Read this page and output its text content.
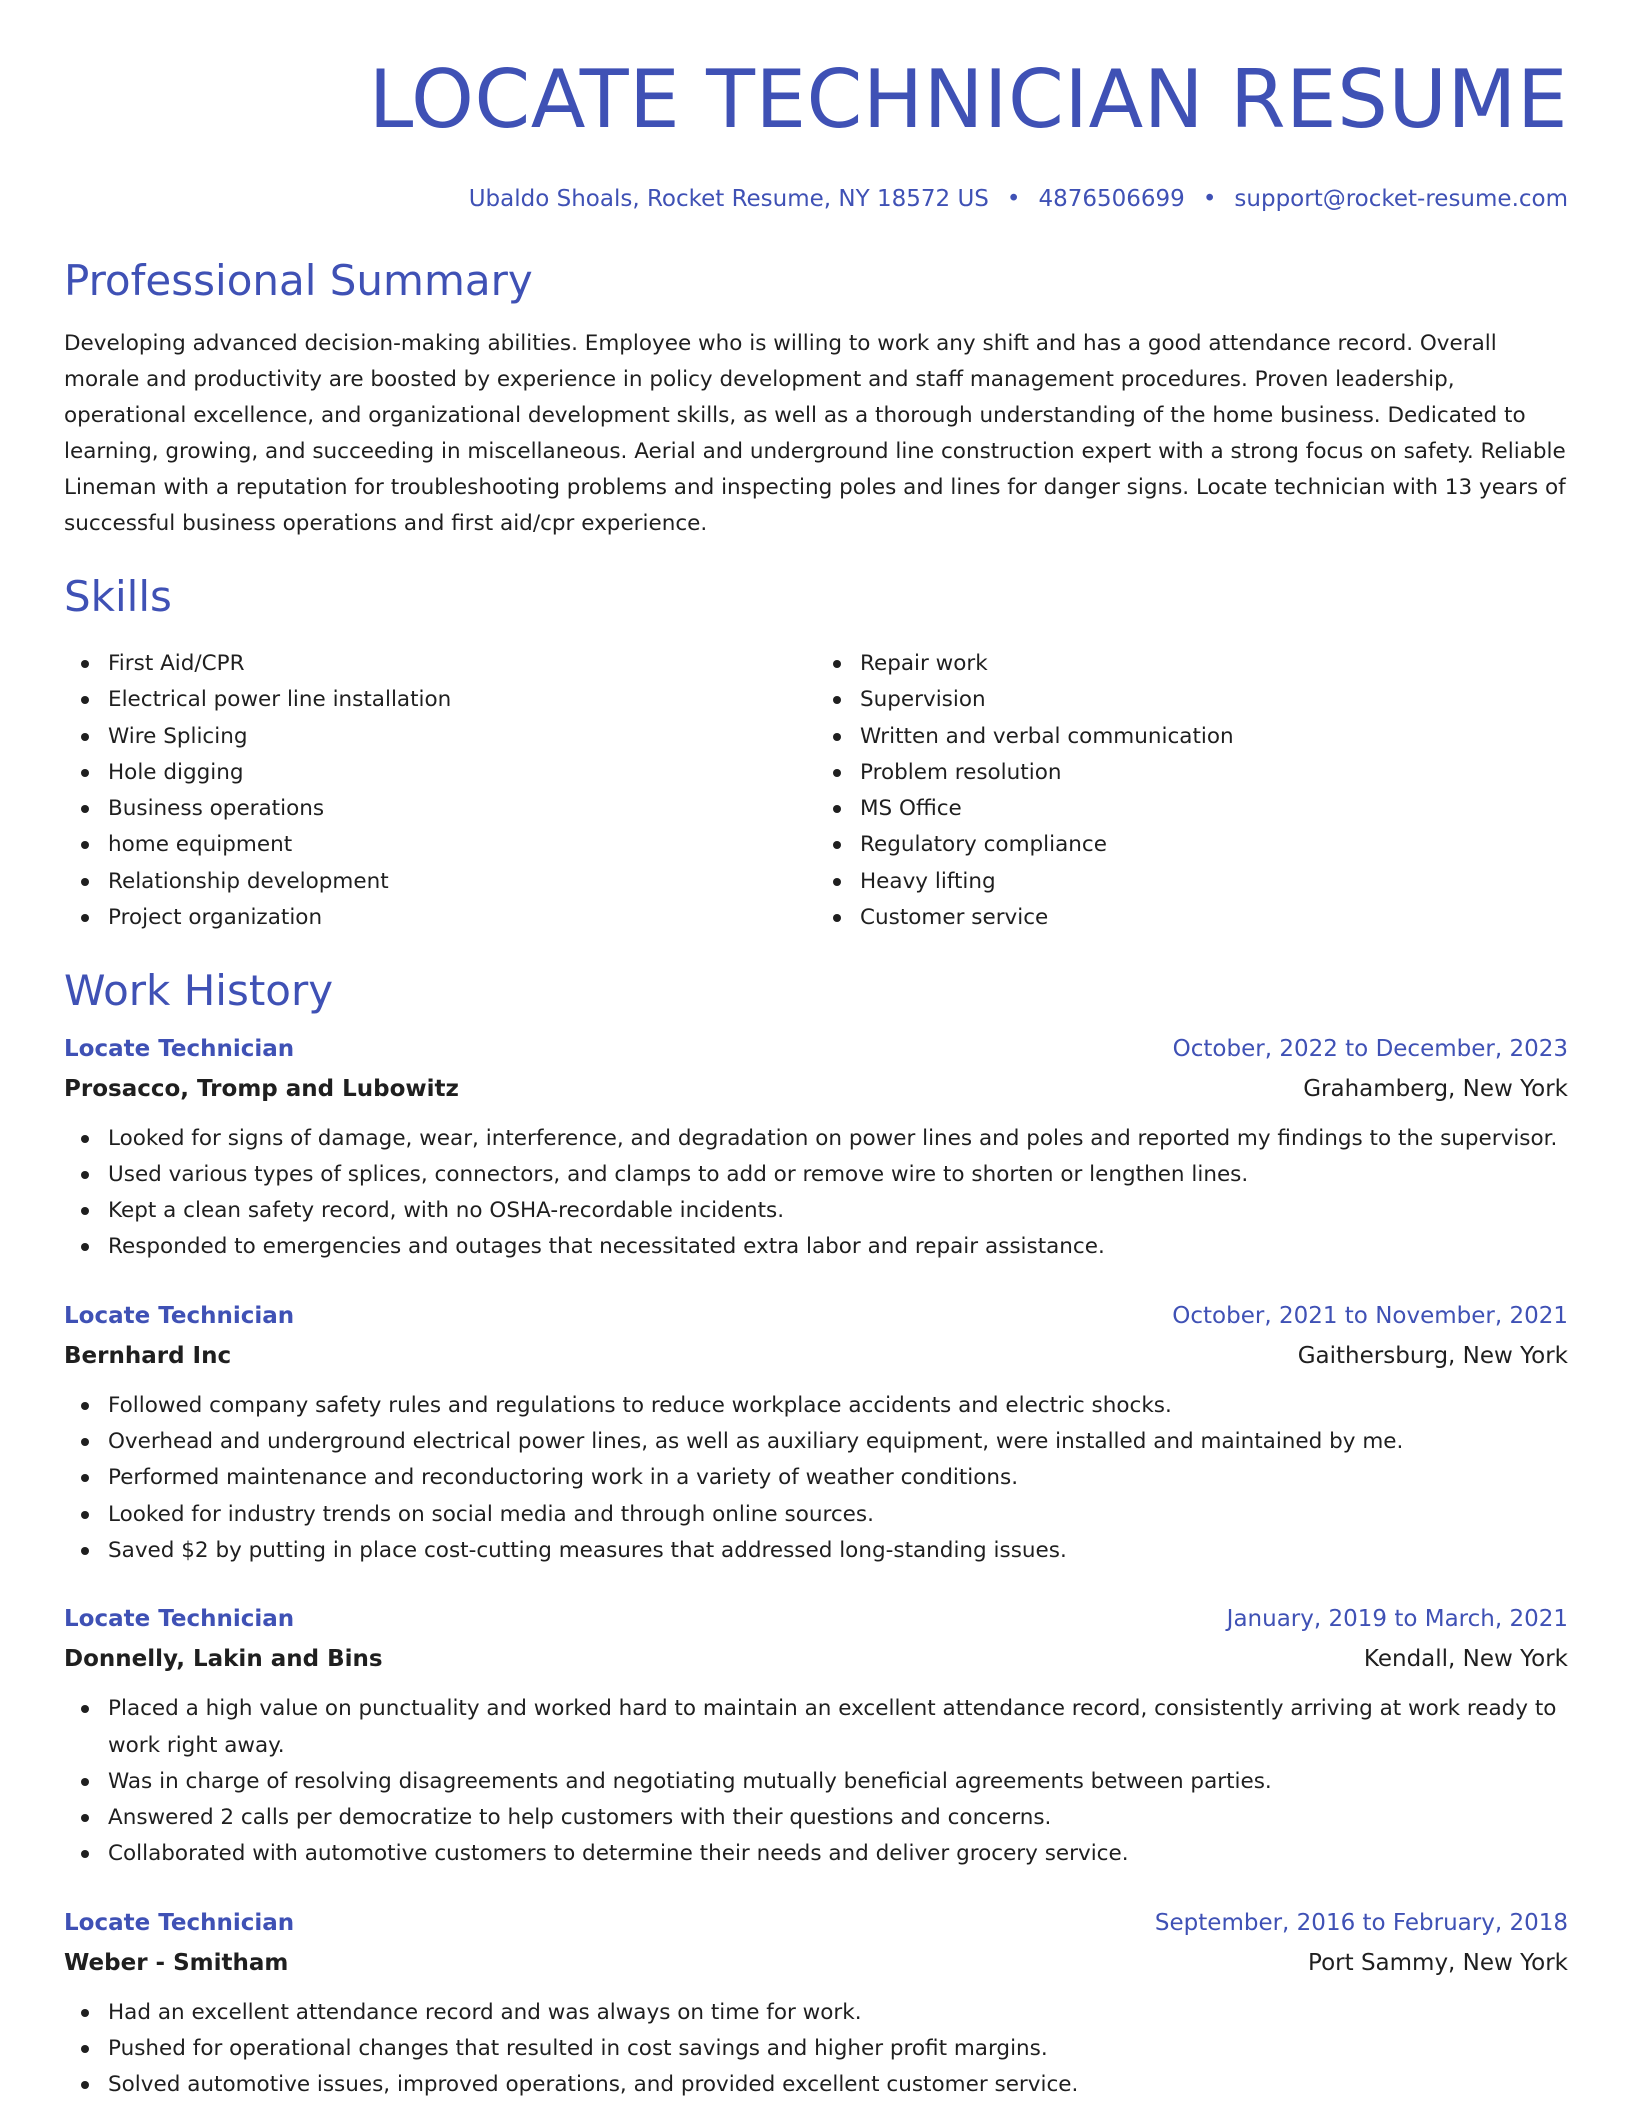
LOCATE TECHNICIAN RESUME
Ubaldo Shoals, Rocket Resume, NY 18572 US • 4876506699 • support@rocket-resume.com
Professional Summary
Developing advanced decision-making abilities. Employee who is willing to work any shift and has a good attendance record. Overall morale and productivity are boosted by experience in policy development and staff management procedures. Proven leadership, operational excellence, and organizational development skills, as well as a thorough understanding of the home business. Dedicated to learning, growing, and succeeding in miscellaneous. Aerial and underground line construction expert with a strong focus on safety. Reliable Lineman with a reputation for troubleshooting problems and inspecting poles and lines for danger signs. Locate technician with 13 years of successful business operations and first aid/cpr experience.
Skills
First Aid/CPR
Electrical power line installation
Wire Splicing
Hole digging
Business operations
home equipment
Relationship development
Project organization
Repair work
Supervision
Written and verbal communication
Problem resolution
MS Office
Regulatory compliance
Heavy lifting
Customer service
Work History
Locate Technician	October, 2022 to December, 2023
Prosacco, Tromp and Lubowitz	Grahamberg, New York
Looked for signs of damage, wear, interference, and degradation on power lines and poles and reported my findings to the supervisor.
Used various types of splices, connectors, and clamps to add or remove wire to shorten or lengthen lines.
Kept a clean safety record, with no OSHA-recordable incidents.
Responded to emergencies and outages that necessitated extra labor and repair assistance.
Locate Technician	October, 2021 to November, 2021
Bernhard Inc	Gaithersburg, New York
Followed company safety rules and regulations to reduce workplace accidents and electric shocks.
Overhead and underground electrical power lines, as well as auxiliary equipment, were installed and maintained by me.
Performed maintenance and reconductoring work in a variety of weather conditions.
Looked for industry trends on social media and through online sources.
Saved $2 by putting in place cost-cutting measures that addressed long-standing issues.
Locate Technician	January, 2019 to March, 2021
Donnelly, Lakin and Bins	Kendall, New York
Placed a high value on punctuality and worked hard to maintain an excellent attendance record, consistently arriving at work ready to work right away.
Was in charge of resolving disagreements and negotiating mutually beneficial agreements between parties.
Answered 2 calls per democratize to help customers with their questions and concerns.
Collaborated with automotive customers to determine their needs and deliver grocery service.
Locate Technician	September, 2016 to February, 2018
Weber - Smitham	Port Sammy, New York
Had an excellent attendance record and was always on time for work.
Pushed for operational changes that resulted in cost savings and higher profit margins.
Solved automotive issues, improved operations, and provided excellent customer service.
